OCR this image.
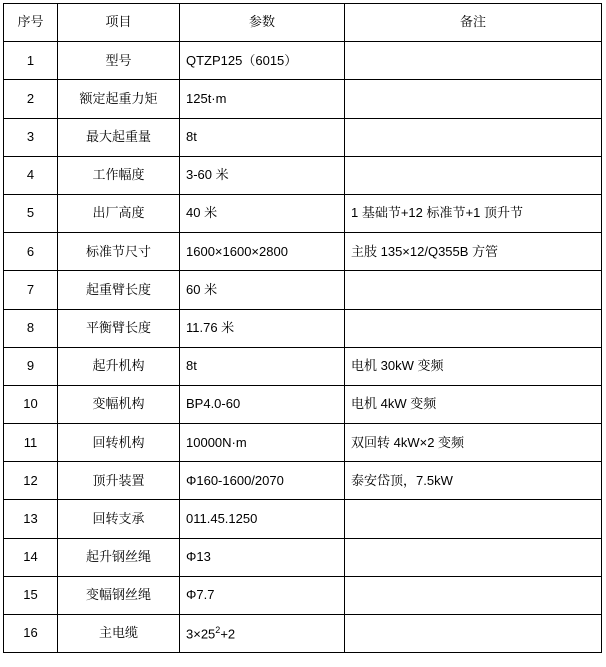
序号	项目	参数	备注
1	型号	QTZP125（6015）	
2	额定起重力矩	125t·m	
3	最大起重量	8t	
4	工作幅度	3-60 米	
5	出厂高度	40 米	1 基础节+12 标准节+1 顶升节
6	标准节尺寸	1600×1600×2800	主肢 135×12/Q355B 方管
7	起重臂长度	60 米	
8	平衡臂长度	11.76 米	
9	起升机构	8t	电机 30kW 变频
10	变幅机构	BP4.0-60	电机 4kW 变频
11	回转机构	10000N·m	双回转 4kW×2 变频
12	顶升装置	Φ160-1600/2070	泰安岱顶，7.5kW
13	回转支承	011.45.1250	
14	起升钢丝绳	Φ13	
15	变幅钢丝绳	Φ7.7	
16	主电缆	$3\times 25^2+2$	
